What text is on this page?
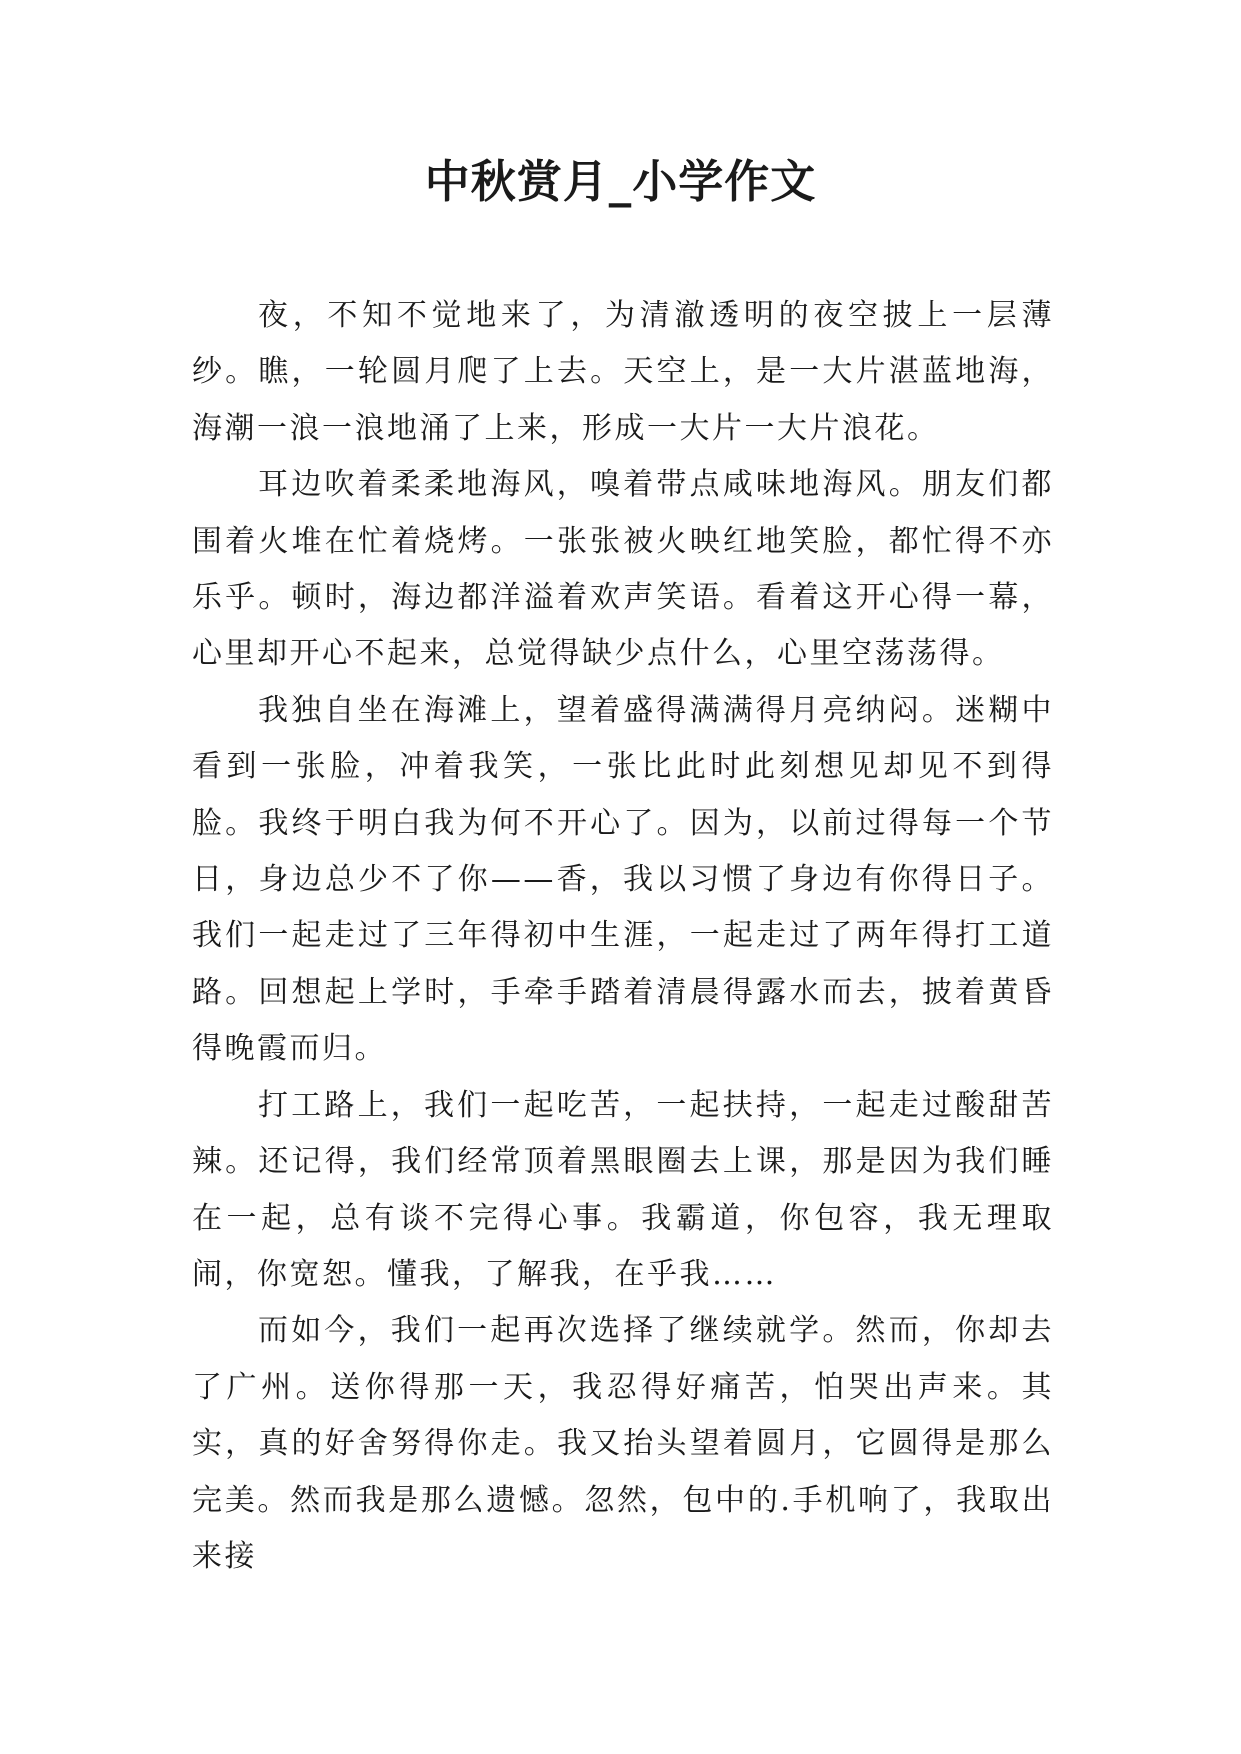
中秋赏月_小学作文

夜，不知不觉地来了，为清澈透明的夜空披上一层薄纱。瞧，一轮圆月爬了上去。天空上，是一大片湛蓝地海，海潮一浪一浪地涌了上来，形成一大片一大片浪花。

耳边吹着柔柔地海风，嗅着带点咸味地海风。朋友们都围着火堆在忙着烧烤。一张张被火映红地笑脸，都忙得不亦乐乎。顿时，海边都洋溢着欢声笑语。看着这开心得一幕，心里却开心不起来，总觉得缺少点什么，心里空荡荡得。

我独自坐在海滩上，望着盛得满满得月亮纳闷。迷糊中看到一张脸，冲着我笑，一张比此时此刻想见却见不到得脸。我终于明白我为何不开心了。因为，以前过得每一个节日，身边总少不了你——香，我以习惯了身边有你得日子。我们一起走过了三年得初中生涯，一起走过了两年得打工道路。回想起上学时，手牵手踏着清晨得露水而去，披着黄昏得晚霞而归。

打工路上，我们一起吃苦，一起扶持，一起走过酸甜苦辣。还记得，我们经常顶着黑眼圈去上课，那是因为我们睡在一起，总有谈不完得心事。我霸道，你包容，我无理取闹，你宽恕。懂我，了解我，在乎我……

而如今，我们一起再次选择了继续就学。然而，你却去了广州。送你得那一天，我忍得好痛苦，怕哭出声来。其实，真的好舍努得你走。我又抬头望着圆月，它圆得是那么完美。然而我是那么遗憾。忽然，包中的.手机响了，我取出来接
